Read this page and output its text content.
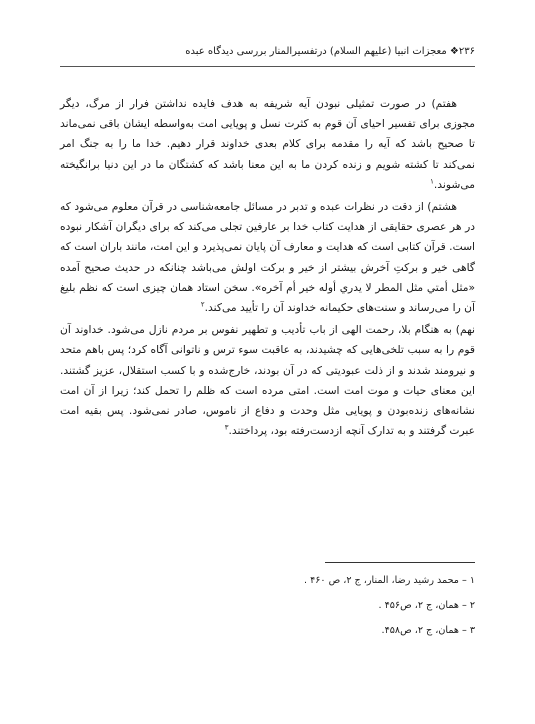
۲۳۶❖ معجزات انبیا (علیهم السلام) درتفسیرالمنار بررسی دیدگاه عبده

هفتم) در صورت تمثیلی نبودن آیه شریفه به هدف فایده نداشتن فرار از مرگ، دیگر مجوزی برای تفسیر احیای آن قوم به کثرت نسل و پویایی امت به‌واسطه ایشان باقی نمی‌ماند تا صحیح باشد که آیه را مقدمه برای کلام بعدی خداوند قرار دهیم. خدا ما را به جنگ امر نمی‌کند تا کشته شویم و زنده کردن ما به این معنا باشد که کشتگان ما در این دنیا برانگیخته می‌شوند.$^۱$

هشتم) از دقت در نظرات عبده و تدبر در مسائل جامعه‌شناسی در قرآن معلوم می‌شود که در هر عصری حقایقی از هدایت کتاب خدا بر عارفین تجلی می‌کند که برای دیگران آشکار نبوده است. قرآن کتابی است که هدایت و معارف آن پایان نمی‌پذیرد و این امت، مانند باران است که گاهی خیر و برکتِ آخرش بیشتر از خیر و برکت اولش می‌باشد چنانکه در حدیث صحیح آمده «مثل أمتي مثل المطر لا يدري أوله خير أم آخره». سخن استاد همان چیزی است که نظم بلیغ آن را می‌رساند و سنت‌های حکیمانه خداوند آن را تأیید می‌کند.$^۲$

نهم) به هنگام بلا، رحمت الهی از باب تأدیب و تطهیر نفوس بر مردم نازل می‌شود. خداوند آن قوم را به سبب تلخی‌هایی که چشیدند، به عاقبت سوء ترس و ناتوانی آگاه کرد؛ پس باهم متحد و نیرومند شدند و از ذلت عبودیتی که در آن بودند، خارج‌شده و با کسب استقلال، عزیز گشتند. این معنای حیات و موت امت است. امتی مرده است که ظلم را تحمل کند؛ زیرا از آن امت نشانه‌های زنده‌بودن و پویایی مثل وحدت و دفاع از ناموس، صادر نمی‌شود. پس بقیه امت عبرت گرفتند و به تدارک آنچه ازدست‌رفته بود، پرداختند.$^۳$

۱ – محمد رشید رضا، المنار، ج ۲، ص ۴۶۰ .
۲ – همان، ج ۲، ص۴۵۶ .
۳ – همان، ج ۲، ص۴۵۸.
